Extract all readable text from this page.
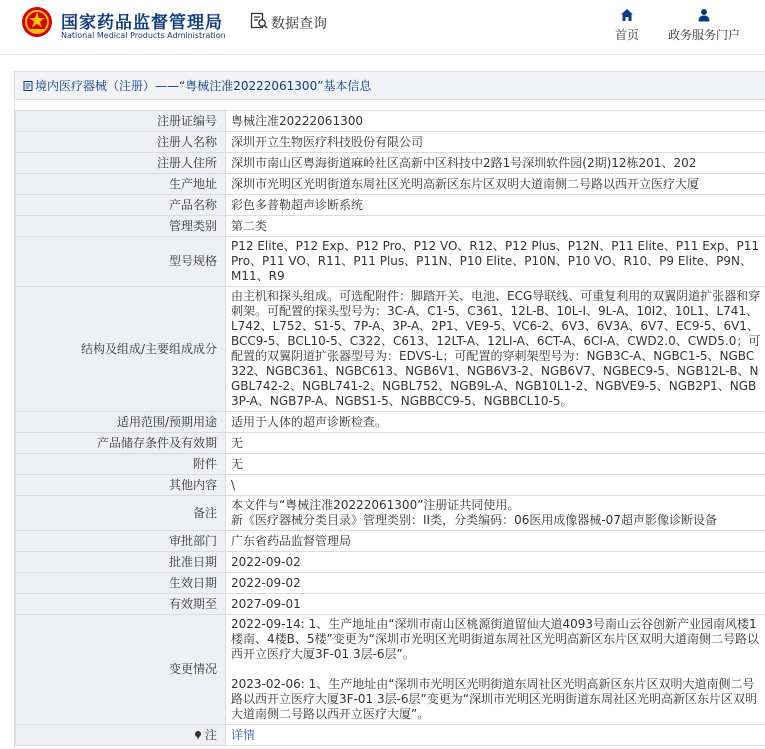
国家药品监督管理局
National Medical Products Administration
数据查询
首页	政务服务门户
境内医疗器械（注册）——“粤械注准20222061300”基本信息
注册证编号	粤械注准20222061300
注册人名称	深圳开立生物医疗科技股份有限公司
注册人住所	深圳市南山区粤海街道麻岭社区高新中区科技中2路1号深圳软件园(2期)12栋201、202
生产地址	深圳市光明区光明街道东周社区光明高新区东片区双明大道南侧二号路以西开立医疗大厦
产品名称	彩色多普勒超声诊断系统
管理类别	第二类
型号规格	P12 Elite、P12 Exp、P12 Pro、P12 VO、R12、P12 Plus、P12N、P11 Elite、P11 Exp、P11 Pro、P11 VO、R11、P11 Plus、P11N、P10 Elite、P10N、P10 VO、R10、P9 Elite、P9N、M11、R9
结构及组成/主要组成成分	由主机和探头组成。可选配附件：脚踏开关、电池、ECG导联线、可重复利用的双翼阴道扩张器和穿刺架。可配置的探头型号为：3C-A、C1-5、C361、12L-B、10L-I、9L-A、10I2、10L1、L741、L742、L752、S1-5、7P-A、3P-A、2P1、VE9-5、VC6-2、6V3、6V3A、6V7、EC9-5、6V1、BCC9-5、BCL10-5、C322、C613、12LT-A、12LI-A、6CT-A、6CI-A、CWD2.0、CWD5.0；可配置的双翼阴道扩张器型号为：EDVS-L；可配置的穿刺架型号为：NGB3C-A、NGBC1-5、NGBC322、NGBC361、NGBC613、NGB6V1、NGB6V3-2、NGB6V7、NGBEC9-5、NGB12L-B、NGBL742-2、NGBL741-2、NGBL752、NGB9L-A、NGB10L1-2、NGBVE9-5、NGB2P1、NGB3P-A、NGB7P-A、NGBS1-5、NGBBCC9-5、NGBBCL10-5。
适用范围/预期用途	适用于人体的超声诊断检查。
产品储存条件及有效期	无
附件	无
其他内容	\
备注	本文件与“粤械注准20222061300”注册证共同使用。
新《医疗器械分类目录》管理类别：II类，分类编码：06医用成像器械-07超声影像诊断设备

审批部门	广东省药品监督管理局
批准日期	2022-09-02
生效日期	2022-09-02
有效期至	2027-09-01
变更情况	2022-09-14: 1、生产地址由“深圳市南山区桃源街道留仙大道4093号南山云谷创新产业园南风楼1楼南、4楼B、5楼”变更为“深圳市光明区光明街道东周社区光明高新区东片区双明大道南侧二号路以西开立医疗大厦3F-01 3层-6层”。
2023-02-06: 1、生产地址由“深圳市光明区光明街道东周社区光明高新区东片区双明大道南侧二号路以西开立医疗大厦3F-01 3层-6层”变更为“深圳市光明区光明街道东周社区光明高新区东片区双明大道南侧二号路以西开立医疗大厦”。

注	详情
